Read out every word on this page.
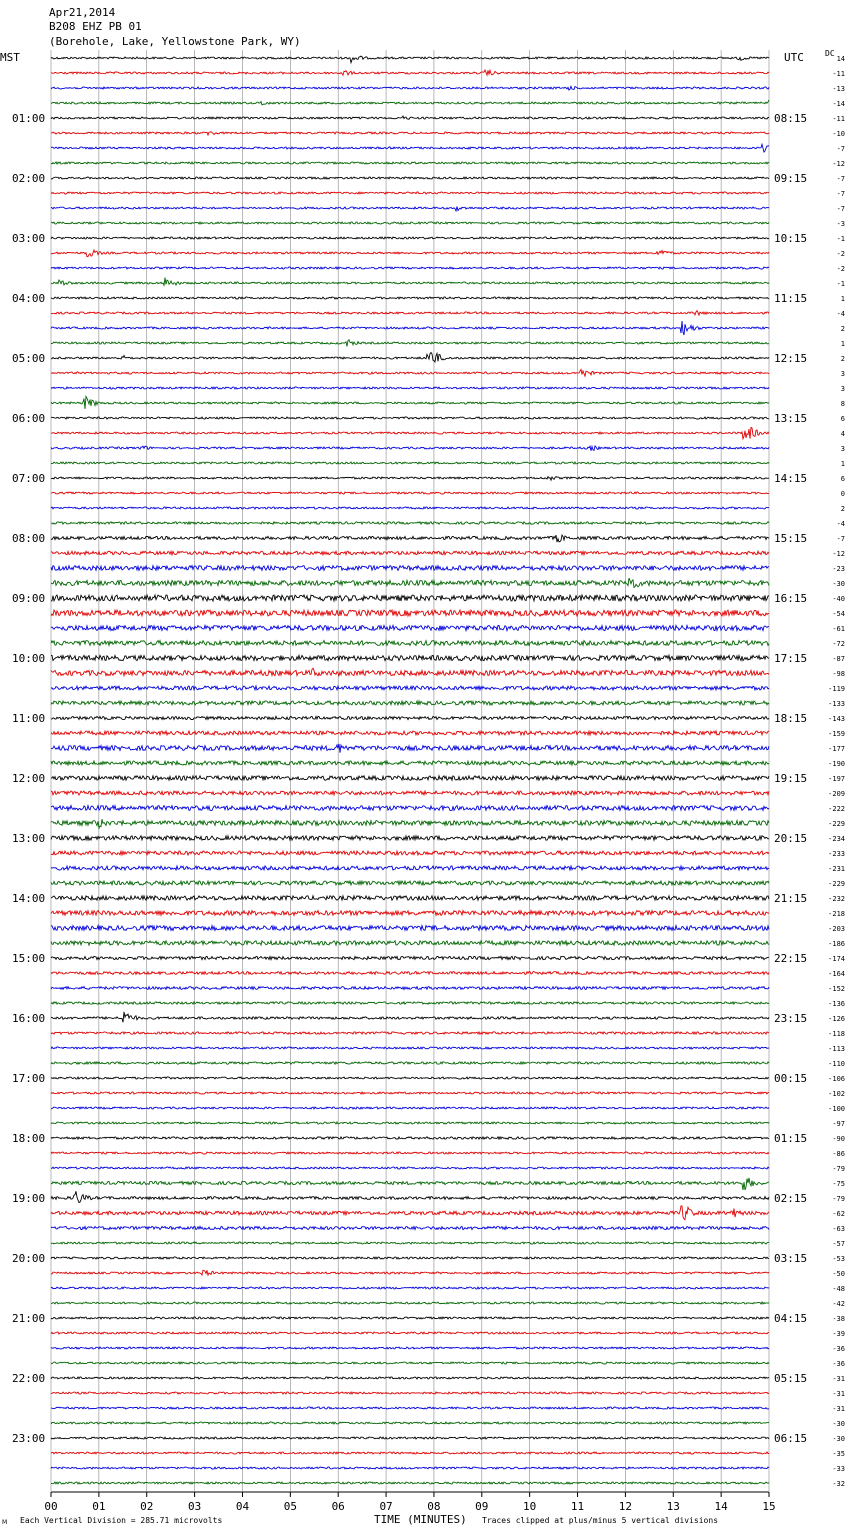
Apr21,2014
B208 EHZ PB 01
(Borehole, Lake, Yellowstone Park, WY)
MST	UTC	DC
01:00
02:00
03:00
04:00
05:00
06:00
07:00
08:00
09:00
10:00
11:00
12:00
13:00
14:00
15:00
16:00
17:00
18:00
19:00
20:00
21:00
22:00
23:00
08:15
09:15
10:15
11:15
12:15
13:15
14:15
15:15
16:15
17:15
18:15
19:15
20:15
21:15
22:15
23:15
00:15
01:15
02:15
03:15
04:15
05:15
06:15
14
-11
-13
-14
-11
-10
-7
-12
-7
-7
-7
-3
-1
-2
-2
-1
1
-4
2
1
2
3
3
8
6
4
3
1
6
0
2
-4
-7
-12
-23
-30
-40
-54
-61
-72
-87
-98
-119
-133
-143
-159
-177
-190
-197
-209
-222
-229
-234
-233
-231
-229
-232
-218
-203
-186
-174
-164
-152
-136
-126
-118
-113
-110
-106
-102
-100
-97
-90
-86
-79
-75
-79
-62
-63
-57
-53
-50
-48
-42
-38
-39
-36
-36
-31
-31
-31
-30
-30
-35
-33
-32
00	01	02	03	04	05	06	07	08	09	10	11	12	13	14	15
M Each Vertical Division = 285.71 microvolts	TIME (MINUTES) Traces clipped at plus/minus 5 vertical divisions
